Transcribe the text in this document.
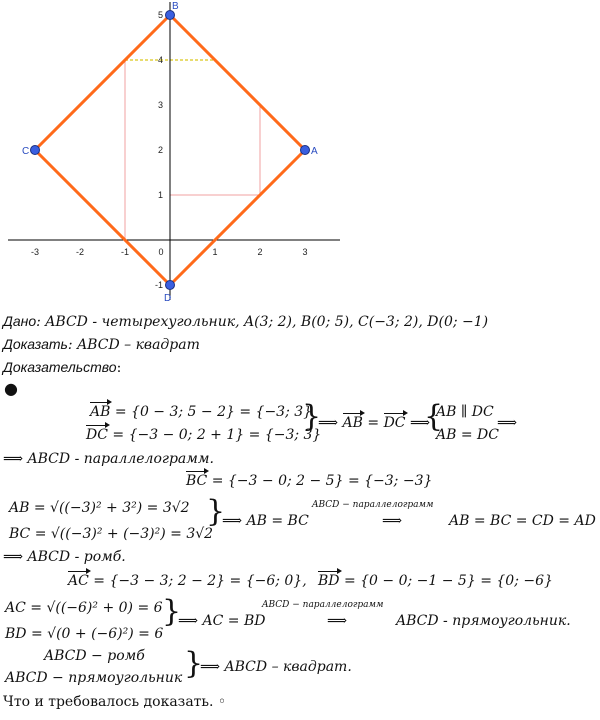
-3	-2	-1	0	1	2	3
-1
1
2
3
4
5
A
B
C
D
Дано: ABCD - четырехугольник, A(3; 2), B(0; 5), C(−3; 2), D(0; −1)
Доказать: ABCD – квадрат
Доказательство:
●
AB = {0 − 3; 5 − 2} = {−3; 3}
DC = {−3 − 0; 2 + 1} = {−3; 3}
}
⟹ AB = DC ⟹
{
AB ∥ DC
AB = DC
⟹
⟹ ABCD - параллелограмм.
BC = {−3 − 0; 2 − 5} = {−3; −3}
AB = √((−3)² + 3²) = 3√2
BC = √((−3)² + (−3)²) = 3√2
}
⟹ AB = BC
ABCD − параллелограмм
⟹	AB = BC = CD = AD
⟹ ABCD - ромб.
AC = {−3 − 3; 2 − 2} = {−6; 0}, BD = {0 − 0; −1 − 5} = {0; −6}
AC = √((−6)² + 0) = 6
BD = √(0 + (−6)²) = 6
}
⟹ AC = BD
ABCD − параллелограмм
⟹	ABCD - прямоугольник.
ABCD − ромб
ABCD − прямоугольник }
⟹ ABCD – квадрат.
Что и требовалось доказать. ◦
